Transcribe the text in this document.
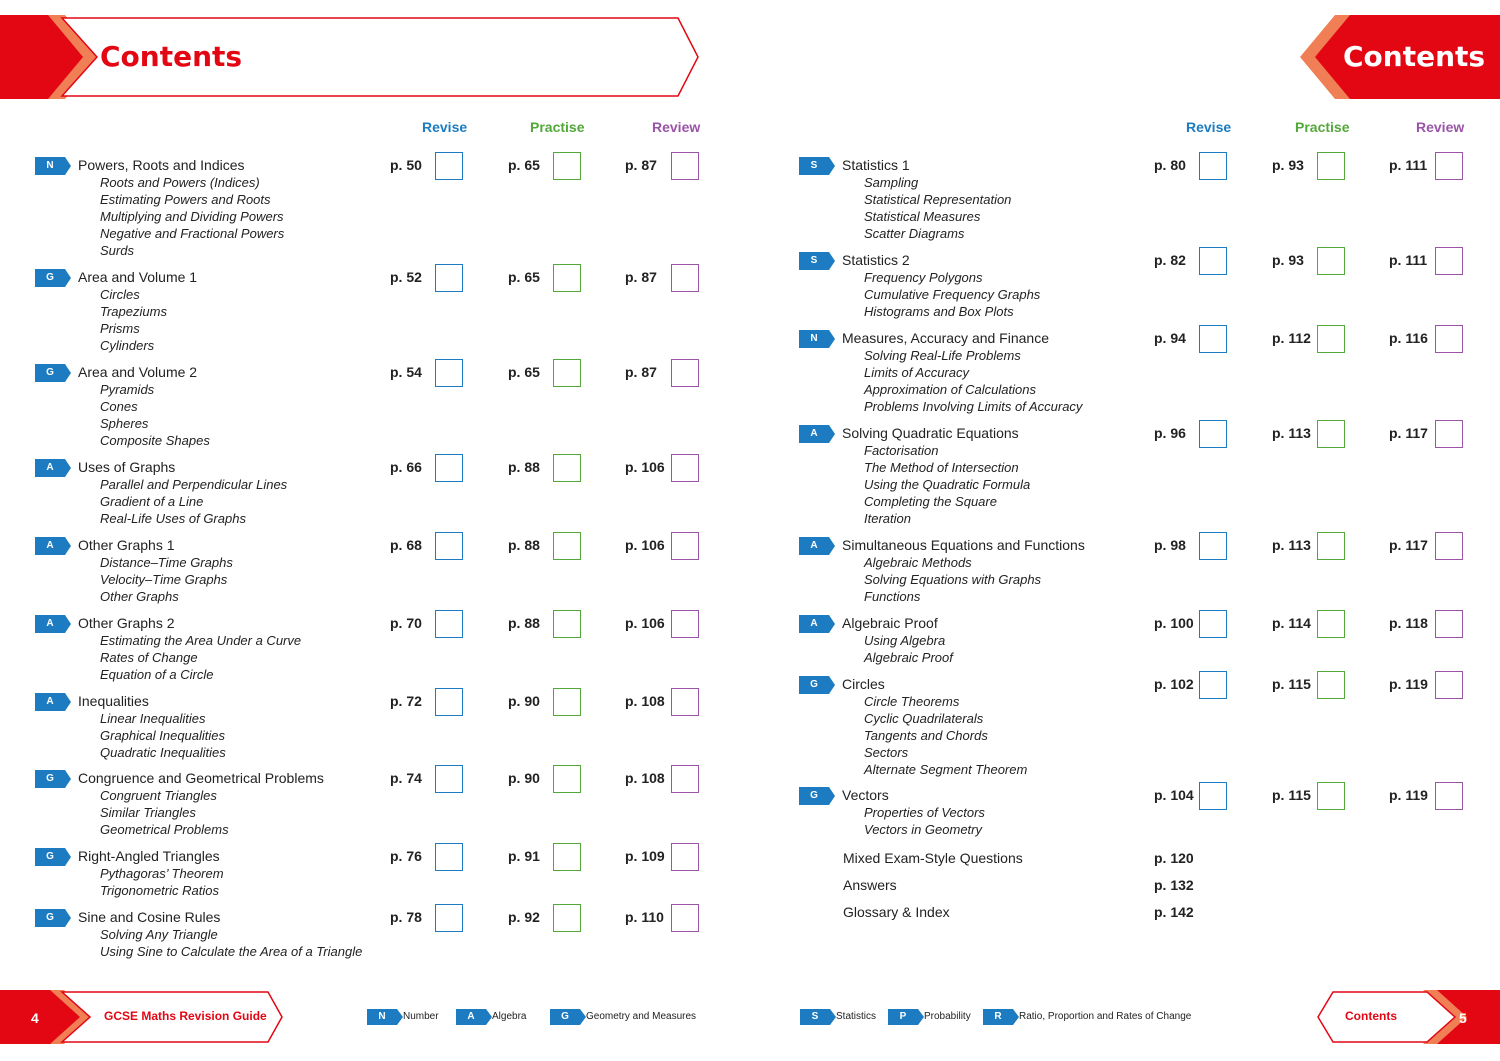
Contents	Contents
Revise	Practise	Review	Revise	Practise	Review
N	Powers, Roots and Indices
Roots and Powers (Indices)
Estimating Powers and Roots
Multiplying and Dividing Powers
Negative and Fractional Powers
Surds
p. 50	p. 65	p. 87
G	Area and Volume 1
Circles
Trapeziums
Prisms
Cylinders
p. 52	p. 65	p. 87
G	Area and Volume 2
Pyramids
Cones
Spheres
Composite Shapes
p. 54	p. 65	p. 87
A	Uses of Graphs
Parallel and Perpendicular Lines
Gradient of a Line
Real-Life Uses of Graphs
p. 66	p. 88	p. 106
A	Other Graphs 1
Distance–Time Graphs
Velocity–Time Graphs
Other Graphs
p. 68	p. 88	p. 106
A	Other Graphs 2
Estimating the Area Under a Curve
Rates of Change
Equation of a Circle
p. 70	p. 88	p. 106
A	Inequalities
Linear Inequalities
Graphical Inequalities
Quadratic Inequalities
p. 72	p. 90	p. 108
G	Congruence and Geometrical Problems
Congruent Triangles
Similar Triangles
Geometrical Problems
p. 74	p. 90	p. 108
G	Right-Angled Triangles
Pythagoras’ Theorem
Trigonometric Ratios
p. 76	p. 91	p. 109
G	Sine and Cosine Rules
Solving Any Triangle
Using Sine to Calculate the Area of a Triangle
p. 78	p. 92	p. 110
S	Statistics 1
Sampling
Statistical Representation
Statistical Measures
Scatter Diagrams
p. 80	p. 93	p. 111
S	Statistics 2
Frequency Polygons
Cumulative Frequency Graphs
Histograms and Box Plots
p. 82	p. 93	p. 111
N	Measures, Accuracy and Finance
Solving Real-Life Problems
Limits of Accuracy
Approximation of Calculations
Problems Involving Limits of Accuracy
p. 94	p. 112	p. 116
A	Solving Quadratic Equations
Factorisation
The Method of Intersection
Using the Quadratic Formula
Completing the Square
Iteration
p. 96	p. 113	p. 117
A	Simultaneous Equations and Functions
Algebraic Methods
Solving Equations with Graphs
Functions
p. 98	p. 113	p. 117
A	Algebraic Proof
Using Algebra
Algebraic Proof
p. 100	p. 114	p. 118
G	Circles
Circle Theorems
Cyclic Quadrilaterals
Tangents and Chords
Sectors
Alternate Segment Theorem
p. 102	p. 115	p. 119
G	Vectors
Properties of Vectors
Vectors in Geometry
p. 104	p. 115	p. 119
Mixed Exam-Style Questions	p. 120
Answers	p. 132
Glossary & Index	p. 142
4	GCSE Maths Revision Guide	Contents	5
N	Number	A	Algebra	G	Geometry and Measures	S	Statistics	P	Probability	R	Ratio, Proportion and Rates of Change
